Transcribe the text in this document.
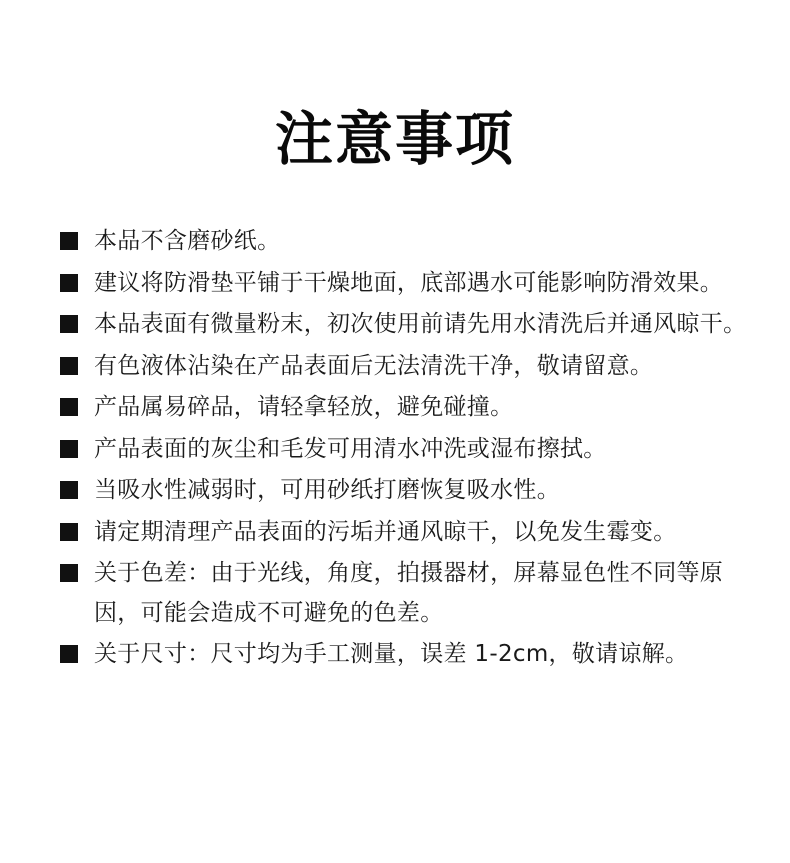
注意事项
本品不含磨砂纸。
建议将防滑垫平铺于干燥地面，底部遇水可能影响防滑效果。
本品表面有微量粉末，初次使用前请先用水清洗后并通风晾干。
有色液体沾染在产品表面后无法清洗干净，敬请留意。
产品属易碎品，请轻拿轻放，避免碰撞。
产品表面的灰尘和毛发可用清水冲洗或湿布擦拭。
当吸水性减弱时，可用砂纸打磨恢复吸水性。
请定期清理产品表面的污垢并通风晾干，以免发生霉变。
关于色差：由于光线，角度，拍摄器材，屏幕显色性不同等原因，可能会造成不可避免的色差。
关于尺寸：尺寸均为手工测量，误差 1-2cm，敬请谅解。
